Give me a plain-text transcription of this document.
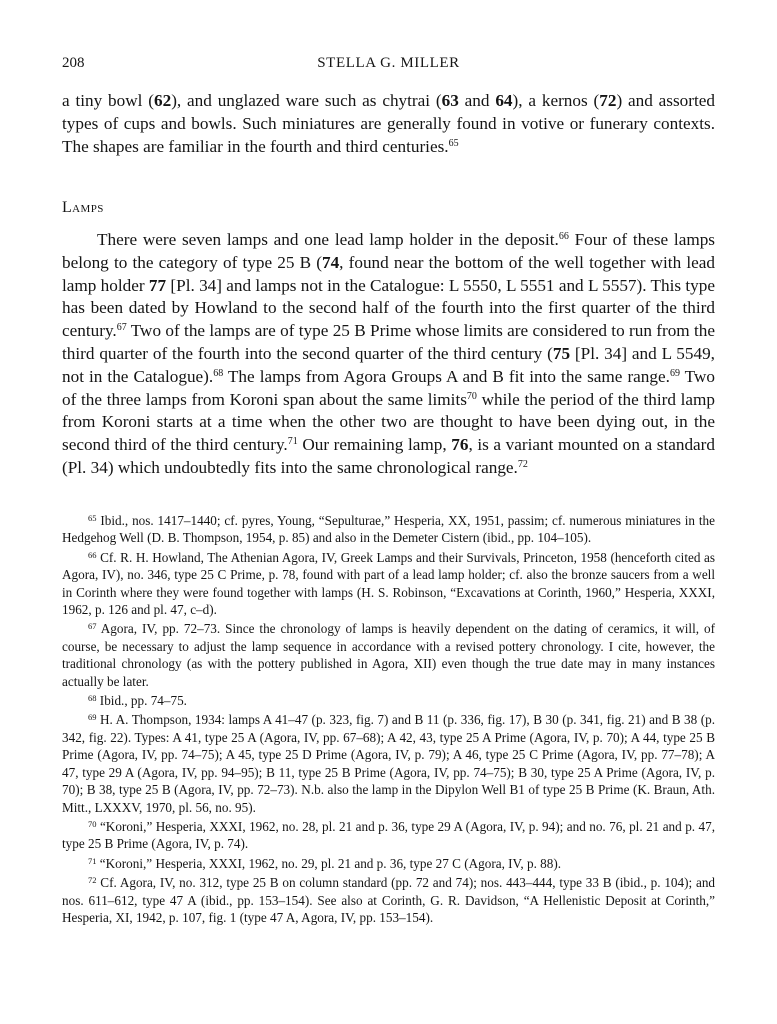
208	STELLA G. MILLER

a tiny bowl (62), and unglazed ware such as chytrai (63 and 64), a kernos (72) and assorted types of cups and bowls. Such miniatures are generally found in votive or funerary contexts. The shapes are familiar in the fourth and third centuries.$^{65}$

Lamps

There were seven lamps and one lead lamp holder in the deposit.$^{66}$ Four of these lamps belong to the category of type 25 B (74, found near the bottom of the well together with lead lamp holder 77 [Pl. 34] and lamps not in the Catalogue: L 5550, L 5551 and L 5557). This type has been dated by Howland to the second half of the fourth into the first quarter of the third century.$^{67}$ Two of the lamps are of type 25 B Prime whose limits are considered to run from the third quarter of the fourth into the second quarter of the third century (75 [Pl. 34] and L 5549, not in the Catalogue).$^{68}$ The lamps from Agora Groups A and B fit into the same range.$^{69}$ Two of the three lamps from Koroni span about the same limits$^{70}$ while the period of the third lamp from Koroni starts at a time when the other two are thought to have been dying out, in the second third of the third century.$^{71}$ Our remaining lamp, 76, is a variant mounted on a standard (Pl. 34) which undoubtedly fits into the same chronological range.$^{72}$

$^{65}$ Ibid., nos. 1417–1440; cf. pyres, Young, “Sepulturae,” Hesperia, XX, 1951, passim; cf. numerous miniatures in the Hedgehog Well (D. B. Thompson, 1954, p. 85) and also in the Demeter Cistern (ibid., pp. 104–105).

$^{66}$ Cf. R. H. Howland, The Athenian Agora, IV, Greek Lamps and their Survivals, Princeton, 1958 (henceforth cited as Agora, IV), no. 346, type 25 C Prime, p. 78, found with part of a lead lamp holder; cf. also the bronze saucers from a well in Corinth where they were found together with lamps (H. S. Robinson, “Excavations at Corinth, 1960,” Hesperia, XXXI, 1962, p. 126 and pl. 47, c–d).

$^{67}$ Agora, IV, pp. 72–73. Since the chronology of lamps is heavily dependent on the dating of ceramics, it will, of course, be necessary to adjust the lamp sequence in accordance with a revised pottery chronology. I cite, however, the traditional chronology (as with the pottery published in Agora, XII) even though the true date may in many instances actually be later.

$^{68}$ Ibid., pp. 74–75.

$^{69}$ H. A. Thompson, 1934: lamps A 41–47 (p. 323, fig. 7) and B 11 (p. 336, fig. 17), B 30 (p. 341, fig. 21) and B 38 (p. 342, fig. 22). Types: A 41, type 25 A (Agora, IV, pp. 67–68); A 42, 43, type 25 A Prime (Agora, IV, p. 70); A 44, type 25 B Prime (Agora, IV, pp. 74–75); A 45, type 25 D Prime (Agora, IV, p. 79); A 46, type 25 C Prime (Agora, IV, pp. 77–78); A 47, type 29 A (Agora, IV, pp. 94–95); B 11, type 25 B Prime (Agora, IV, pp. 74–75); B 30, type 25 A Prime (Agora, IV, p. 70); B 38, type 25 B (Agora, IV, pp. 72–73). N.b. also the lamp in the Dipylon Well B1 of type 25 B Prime (K. Braun, Ath. Mitt., LXXXV, 1970, pl. 56, no. 95).

$^{70}$ “Koroni,” Hesperia, XXXI, 1962, no. 28, pl. 21 and p. 36, type 29 A (Agora, IV, p. 94); and no. 76, pl. 21 and p. 47, type 25 B Prime (Agora, IV, p. 74).

$^{71}$ “Koroni,” Hesperia, XXXI, 1962, no. 29, pl. 21 and p. 36, type 27 C (Agora, IV, p. 88).

$^{72}$ Cf. Agora, IV, no. 312, type 25 B on column standard (pp. 72 and 74); nos. 443–444, type 33 B (ibid., p. 104); and nos. 611–612, type 47 A (ibid., pp. 153–154). See also at Corinth, G. R. Davidson, “A Hellenistic Deposit at Corinth,” Hesperia, XI, 1942, p. 107, fig. 1 (type 47 A, Agora, IV, pp. 153–154).
